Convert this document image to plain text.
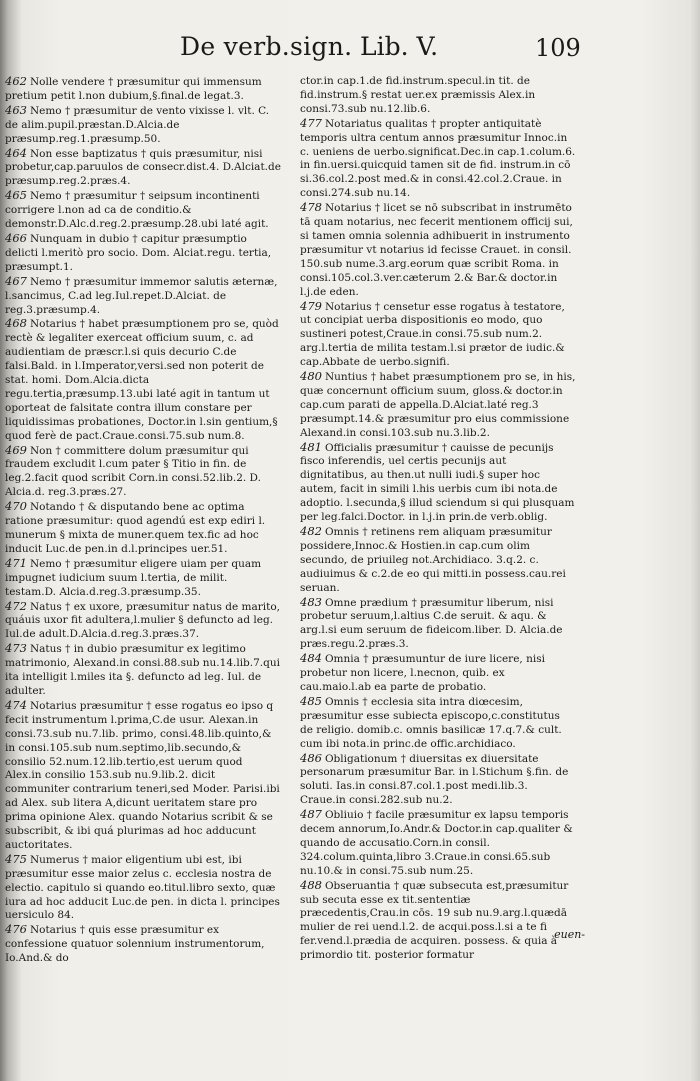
De verb.sign. Lib. V.	109
462 Nolle vendere † præsumitur qui immensum pretium petit l.non dubium,§.final.de legat.3.
463 Nemo † præsumitur de vento vixisse l. vlt. C. de alim.pupil.præstan.D.Alcia.de præsump.reg.1.præsump.50.
464 Non esse baptizatus † quis præsumitur, nisi probetur,cap.paruulos de consecr.dist.4. D.Alciat.de præsump.reg.2.præs.4.
465 Nemo † præsumitur † seipsum incontinenti corrigere l.non ad ca de conditio.& demonstr.D.Alc.d.reg.2.præsump.28.ubi laté agit.
466 Nunquam in dubio † capitur præsumptio delicti l.meritò pro socio. Dom. Alciat.regu. tertia, præsumpt.1.
467 Nemo † præsumitur immemor salutis æternæ, l.sancimus, C.ad leg.Iul.repet.D.Alciat. de reg.3.præsump.4.
468 Notarius † habet præsumptionem pro se, quòd rectè & legaliter exerceat officium suum, c. ad audientiam de præscr.l.si quis decurio C.de falsi.Bald. in l.Imperator,versi.sed non poterit de stat. homi. Dom.Alcia.dicta regu.tertia,præsump.13.ubi laté agit in tantum ut oporteat de falsitate contra illum constare per liquidissimas probationes, Doctor.in l.sin gentium,§ quod ferè de pact.Craue.consi.75.sub num.8.
469 Non † committere dolum præsumitur qui fraudem excludit l.cum pater § Titio in fin. de leg.2.facit quod scribit Corn.in consi.52.lib.2. D. Alcia.d. reg.3.præs.27.
470 Notando † & disputando bene ac optima ratione præsumitur: quod agendú est exp ediri l. munerum § mixta de muner.quem tex.fic ad hoc inducit Luc.de pen.in d.l.principes uer.51.
471 Nemo † præsumitur eligere uiam per quam impugnet iudicium suum l.tertia, de milit. testam.D. Alcia.d.reg.3.præsump.35.
472 Natus † ex uxore, præsumitur natus de marito, quáuis uxor fit adultera,l.mulier § defuncto ad leg. Iul.de adult.D.Alcia.d.reg.3.præs.37.
473 Natus † in dubio præsumitur ex legitimo matrimonio, Alexand.in consi.88.sub nu.14.lib.7.qui ita intelligit l.miles ita §. defuncto ad leg. Iul. de adulter.
474 Notarius præsumitur † esse rogatus eo ipso q fecit instrumentum l.prima,C.de usur. Alexan.in consi.73.sub nu.7.lib. primo, consi.48.lib.quinto,& in consi.105.sub num.septimo,lib.secundo,& consilio 52.num.12.lib.tertio,est uerum quod Alex.in consilio 153.sub nu.9.lib.2. dicit communiter contrarium teneri,sed Moder. Parisi.ibi ad Alex. sub litera A,dicunt ueritatem stare pro prima opinione Alex. quando Notarius scribit & se subscribit, & ibi quá plurimas ad hoc adducunt auctoritates.
475 Numerus † maior eligentium ubi est, ibi præsumitur esse maior zelus c. ecclesia nostra de electio. capitulo si quando eo.titul.libro sexto, quæ iura ad hoc adducit Luc.de pen. in dicta l. principes uersiculo 84.
476 Notarius † quis esse præsumitur ex confessione quatuor solennium instrumentorum, Io.And.& do
ctor.in cap.1.de fid.instrum.specul.in tit. de fid.instrum.§ restat uer.ex præmissis Alex.in consi.73.sub nu.12.lib.6.
477 Notariatus qualitas † propter antiquitatè temporis ultra centum annos præsumitur Innoc.in c. ueniens de uerbo.significat.Dec.in cap.1.colum.6. in fin.uersi.quicquid tamen sit de fid. instrum.in cō si.36.col.2.post med.& in consi.42.col.2.Craue. in consi.274.sub nu.14.
478 Notarius † licet se nō subscribat in instrumēto tā quam notarius, nec fecerit mentionem officij sui, si tamen omnia solennia adhibuerit in instrumento præsumitur vt notarius id fecisse Crauet. in consil. 150.sub nume.3.arg.eorum quæ scribit Roma. in consi.105.col.3.ver.cæterum 2.& Bar.& doctor.in l.j.de eden.
479 Notarius † censetur esse rogatus à testatore, ut concipiat uerba dispositionis eo modo, quo sustineri potest,Craue.in consi.75.sub num.2. arg.l.tertia de milita testam.l.si prætor de iudic.& cap.Abbate de uerbo.signifi.
480 Nuntius † habet præsumptionem pro se, in his, quæ concernunt officium suum, gloss.& doctor.in cap.cum parati de appella.D.Alciat.laté reg.3 præsumpt.14.& præsumitur pro eius commissione Alexand.in consi.103.sub nu.3.lib.2.
481 Officialis præsumitur † cauisse de pecunijs fisco inferendis, uel certis pecunijs aut dignitatibus, au then.ut nulli iudi.§ super hoc autem, facit in simili l.his uerbis cum ibi nota.de adoptio. l.secunda,§ illud sciendum si qui plusquam per leg.falci.Doctor. in l.j.in prin.de verb.oblig.
482 Omnis † retinens rem aliquam præsumitur possidere,Innoc.& Hostien.in cap.cum olim secundo, de priuileg not.Archidiaco. 3.q.2. c. audiuimus & c.2.de eo qui mitti.in possess.cau.rei seruan.
483 Omne prædium † præsumitur liberum, nisi probetur seruum,l.altius C.de seruit. & aqu. & arg.l.si eum seruum de fideicom.liber. D. Alcia.de præs.regu.2.præs.3.
484 Omnia † præsumuntur de iure licere, nisi probetur non licere, l.necnon, quib. ex cau.maio.l.ab ea parte de probatio.
485 Omnis † ecclesia sita intra diœcesim, præsumitur esse subiecta episcopo,c.constitutus de religio. domib.c. omnis basilicæ 17.q.7.& cult. cum ibi nota.in princ.de offic.archidiaco.
486 Obligationum † diuersitas ex diuersitate personarum præsumitur Bar. in l.Stichum §.fin. de soluti. Ias.in consi.87.col.1.post medi.lib.3. Craue.in consi.282.sub nu.2.
487 Obliuio † facile præsumitur ex lapsu temporis decem annorum,Io.Andr.& Doctor.in cap.qualiter & quando de accusatio.Corn.in consil. 324.colum.quinta,libro 3.Craue.in consi.65.sub nu.10.& in consi.75.sub num.25.
488 Obseruantia † quæ subsecuta est,præsumitur sub secuta esse ex tit.sententiæ præcedentis,Crau.in cōs. 19 sub nu.9.arg.l.quædā mulier de rei uend.l.2. de acqui.poss.l.si a te fi fer.vend.l.prædia de acquiren. possess. & quia à primordio tit. posterior formatur
euen-
